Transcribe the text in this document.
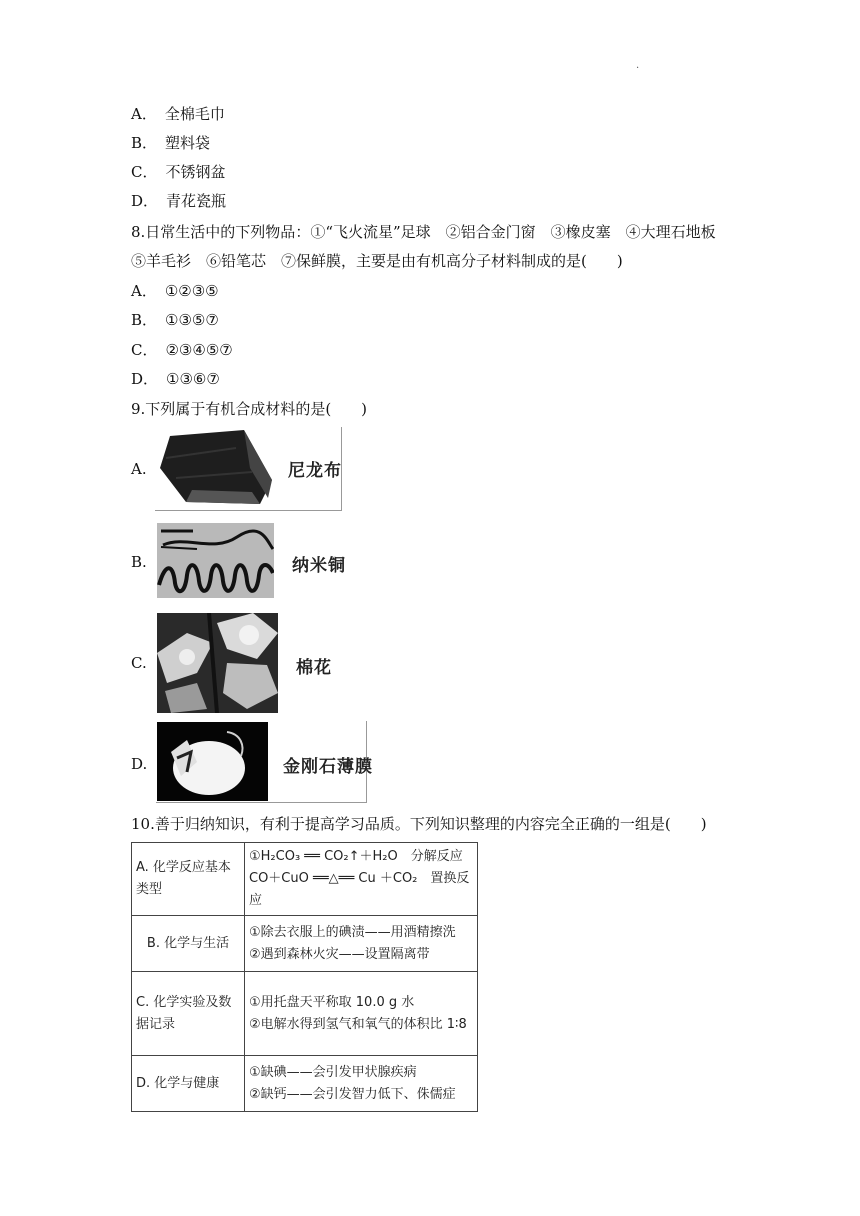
.
A． 全棉毛巾
B． 塑料袋
C． 不锈钢盆
D． 青花瓷瓶
8.日常生活中的下列物品：①“飞火流星”足球　②铝合金门窗　③橡皮塞　④大理石地板
⑤羊毛衫　⑥铅笔芯　⑦保鲜膜，主要是由有机高分子材料制成的是(　　)
A． ①②③⑤
B． ①③⑤⑦
C． ②③④⑤⑦
D． ①③⑥⑦
9.下列属于有机合成材料的是(　　)
A.	尼龙布
B.	纳米铜
C.	棉花
D.	金刚石薄膜
10.善于归纳知识，有利于提高学习品质。下列知识整理的内容完全正确的一组是(　　)
A. 化学反应基本类型	①H₂CO₃ ══ CO₂↑＋H₂O　分解反应
CO＋CuO ══△══ Cu ＋CO₂　置换反应

B. 化学与生活	①除去衣服上的碘渍——用酒精擦洗
②遇到森林火灾——设置隔离带

C. 化学实验及数据记录	①用托盘天平称取 10.0 g 水
②电解水得到氢气和氧气的体积比 1∶8

D. 化学与健康	①缺碘——会引发甲状腺疾病
②缺钙——会引发智力低下、侏儒症
